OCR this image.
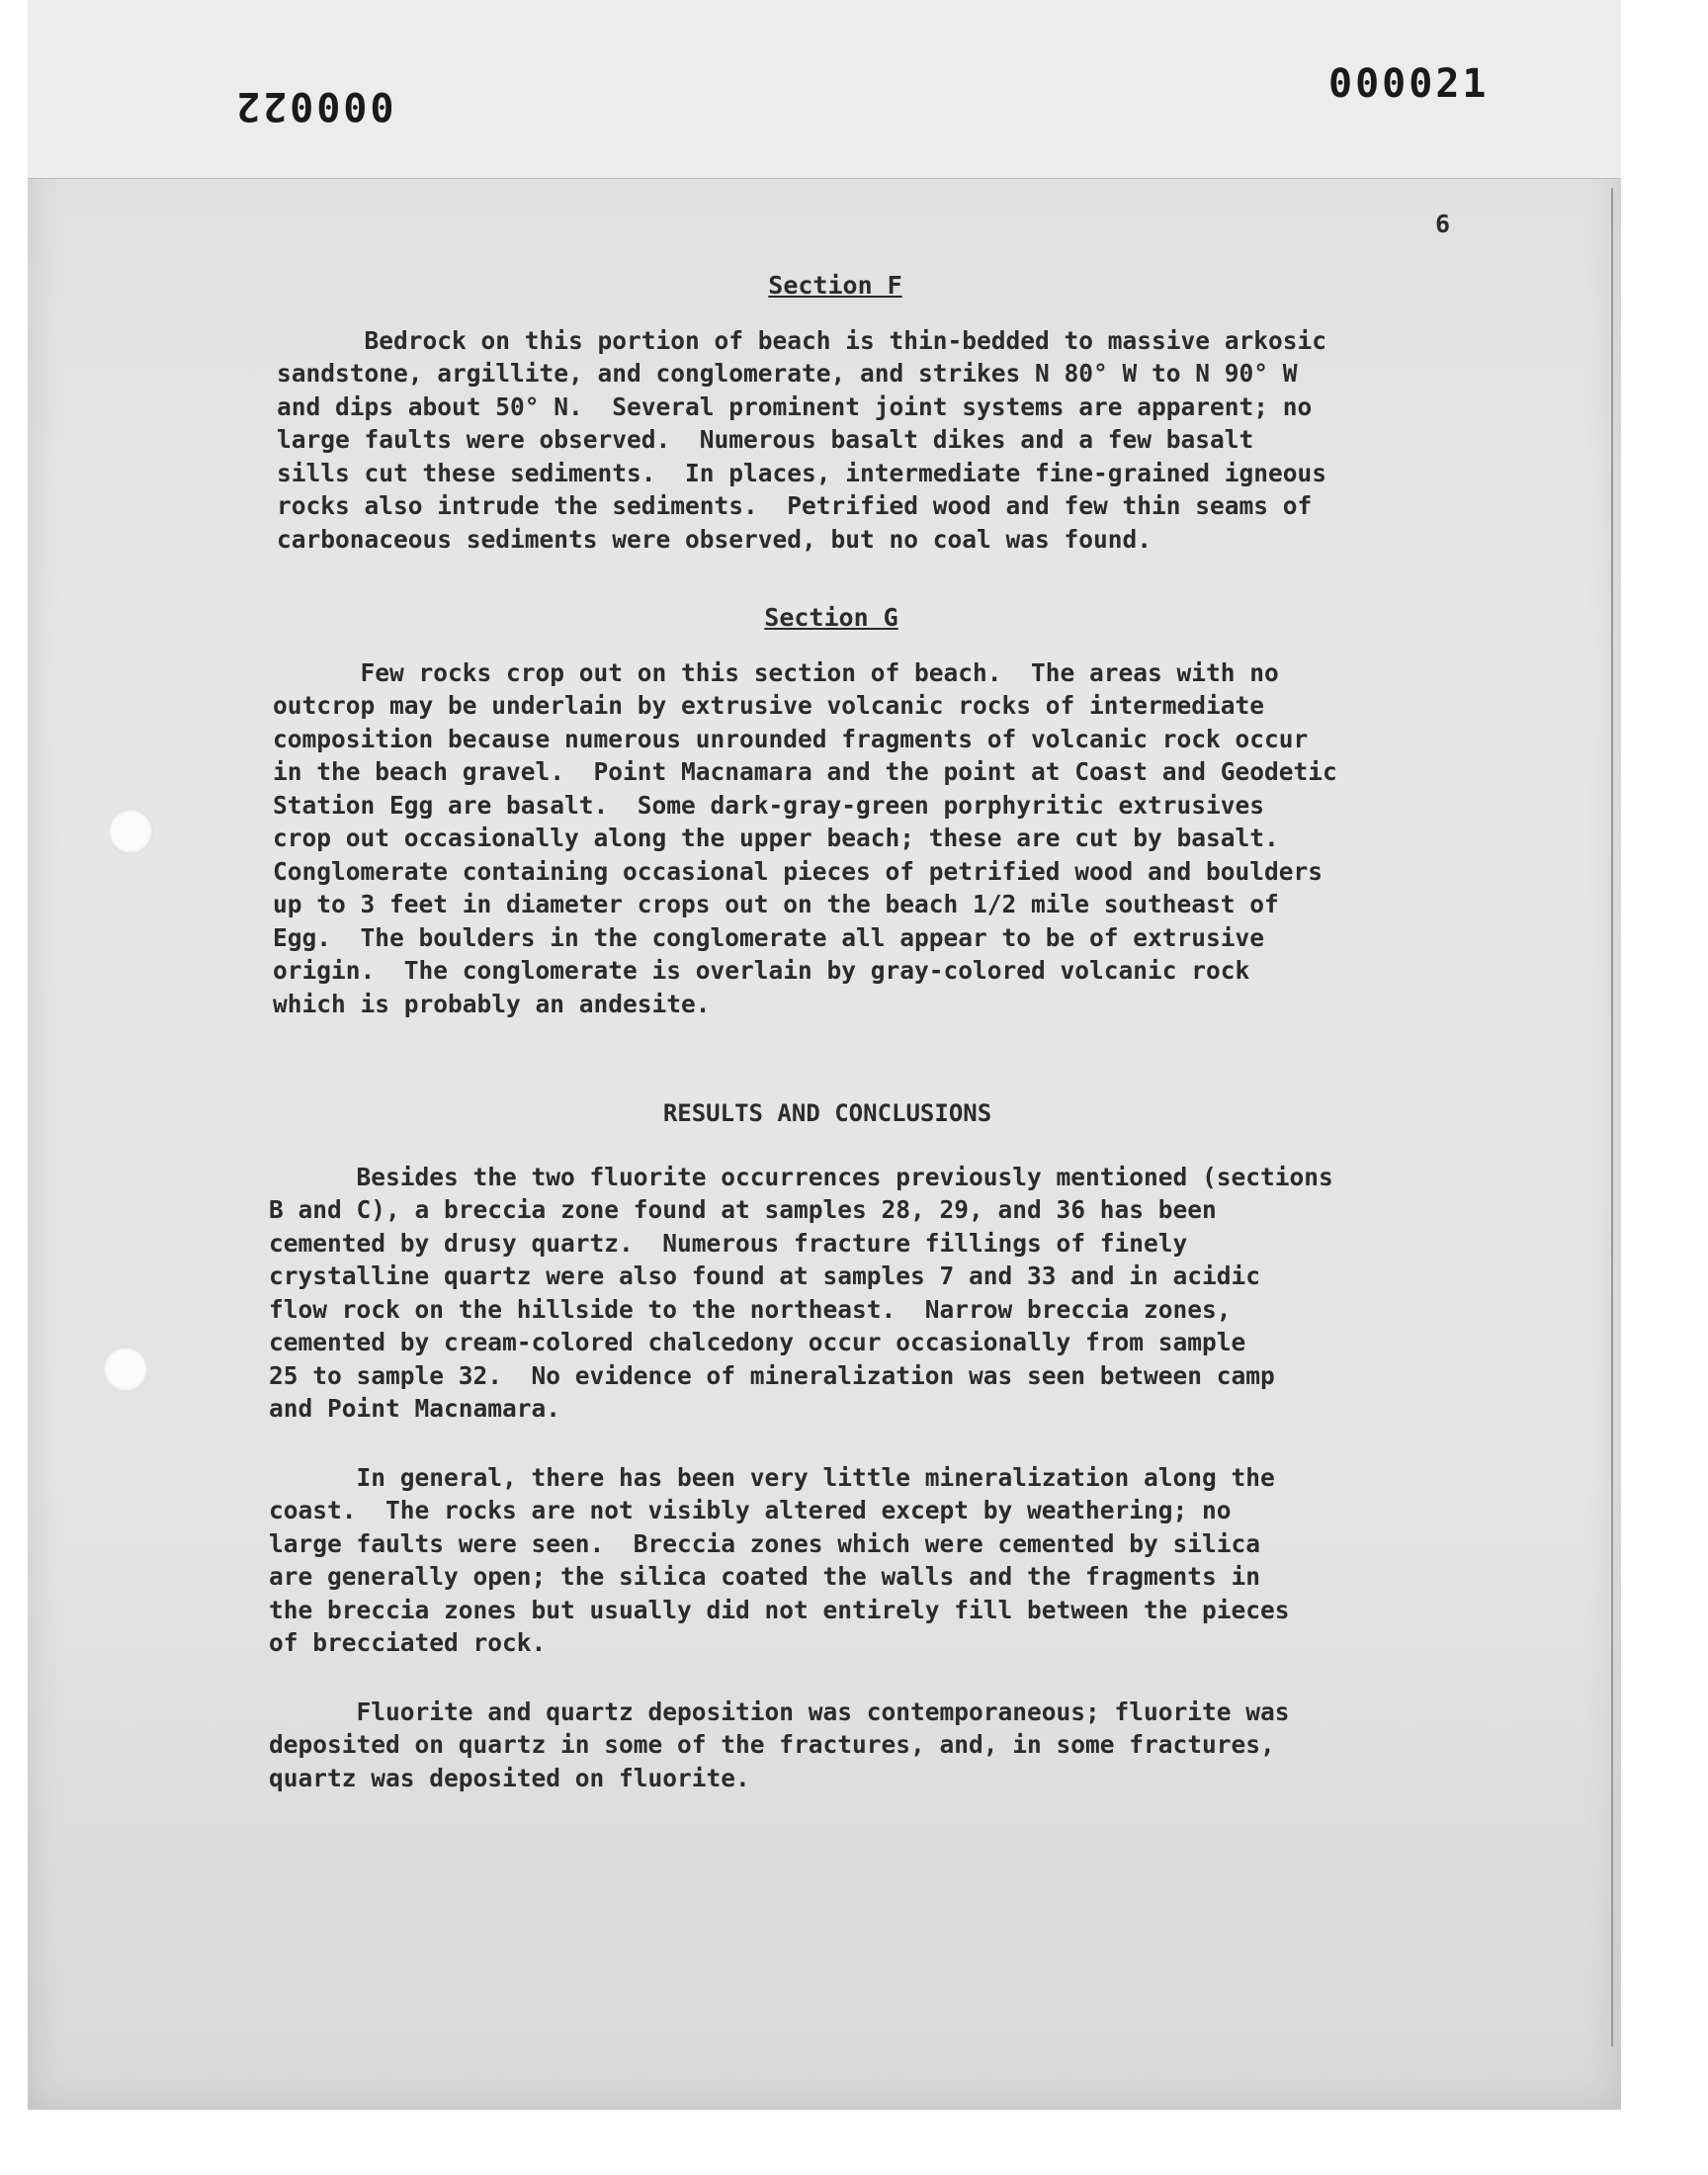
000022	000021
6

Section F

Bedrock on this portion of beach is thin-bedded to massive arkosic
sandstone, argillite, and conglomerate, and strikes N 80° W to N 90° W
and dips about 50° N.  Several prominent joint systems are apparent; no
large faults were observed.  Numerous basalt dikes and a few basalt
sills cut these sediments.  In places, intermediate fine-grained igneous
rocks also intrude the sediments.  Petrified wood and few thin seams of
carbonaceous sediments were observed, but no coal was found.

Section G

Few rocks crop out on this section of beach.  The areas with no
outcrop may be underlain by extrusive volcanic rocks of intermediate
composition because numerous unrounded fragments of volcanic rock occur
in the beach gravel.  Point Macnamara and the point at Coast and Geodetic
Station Egg are basalt.  Some dark-gray-green porphyritic extrusives
crop out occasionally along the upper beach; these are cut by basalt.
Conglomerate containing occasional pieces of petrified wood and boulders
up to 3 feet in diameter crops out on the beach 1/2 mile southeast of
Egg.  The boulders in the conglomerate all appear to be of extrusive
origin.  The conglomerate is overlain by gray-colored volcanic rock
which is probably an andesite.

RESULTS AND CONCLUSIONS

Besides the two fluorite occurrences previously mentioned (sections
B and C), a breccia zone found at samples 28, 29, and 36 has been
cemented by drusy quartz.  Numerous fracture fillings of finely
crystalline quartz were also found at samples 7 and 33 and in acidic
flow rock on the hillside to the northeast.  Narrow breccia zones,
cemented by cream-colored chalcedony occur occasionally from sample
25 to sample 32.  No evidence of mineralization was seen between camp
and Point Macnamara.
In general, there has been very little mineralization along the
coast.  The rocks are not visibly altered except by weathering; no
large faults were seen.  Breccia zones which were cemented by silica
are generally open; the silica coated the walls and the fragments in
the breccia zones but usually did not entirely fill between the pieces
of brecciated rock.
Fluorite and quartz deposition was contemporaneous; fluorite was
deposited on quartz in some of the fractures, and, in some fractures,
quartz was deposited on fluorite.
